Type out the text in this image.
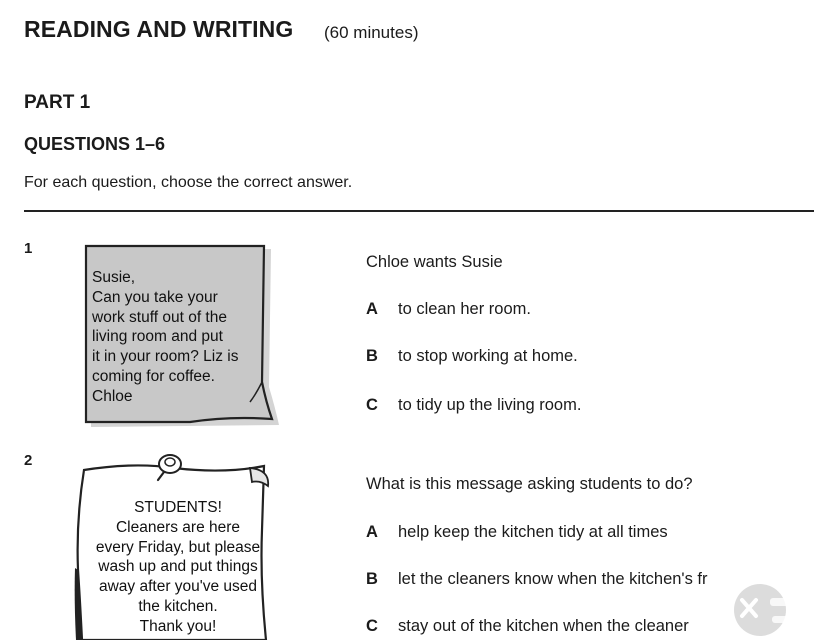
READING AND WRITING (60 minutes)
PART 1
QUESTIONS 1–6
For each question, choose the correct answer.
1
Susie,
Can you take your
work stuff out of the
living room and put
it in your room? Liz is
coming for coffee.
Chloe
Chloe wants Susie
A to clean her room.
B to stop working at home.
C to tidy up the living room.
2
STUDENTS!
Cleaners are here
every Friday, but please
wash up and put things
away after you've used
the kitchen.
Thank you!
What is this message asking students to do?
A help keep the kitchen tidy at all times
B let the cleaners know when the kitchen's fr
C stay out of the kitchen when the cleaner
